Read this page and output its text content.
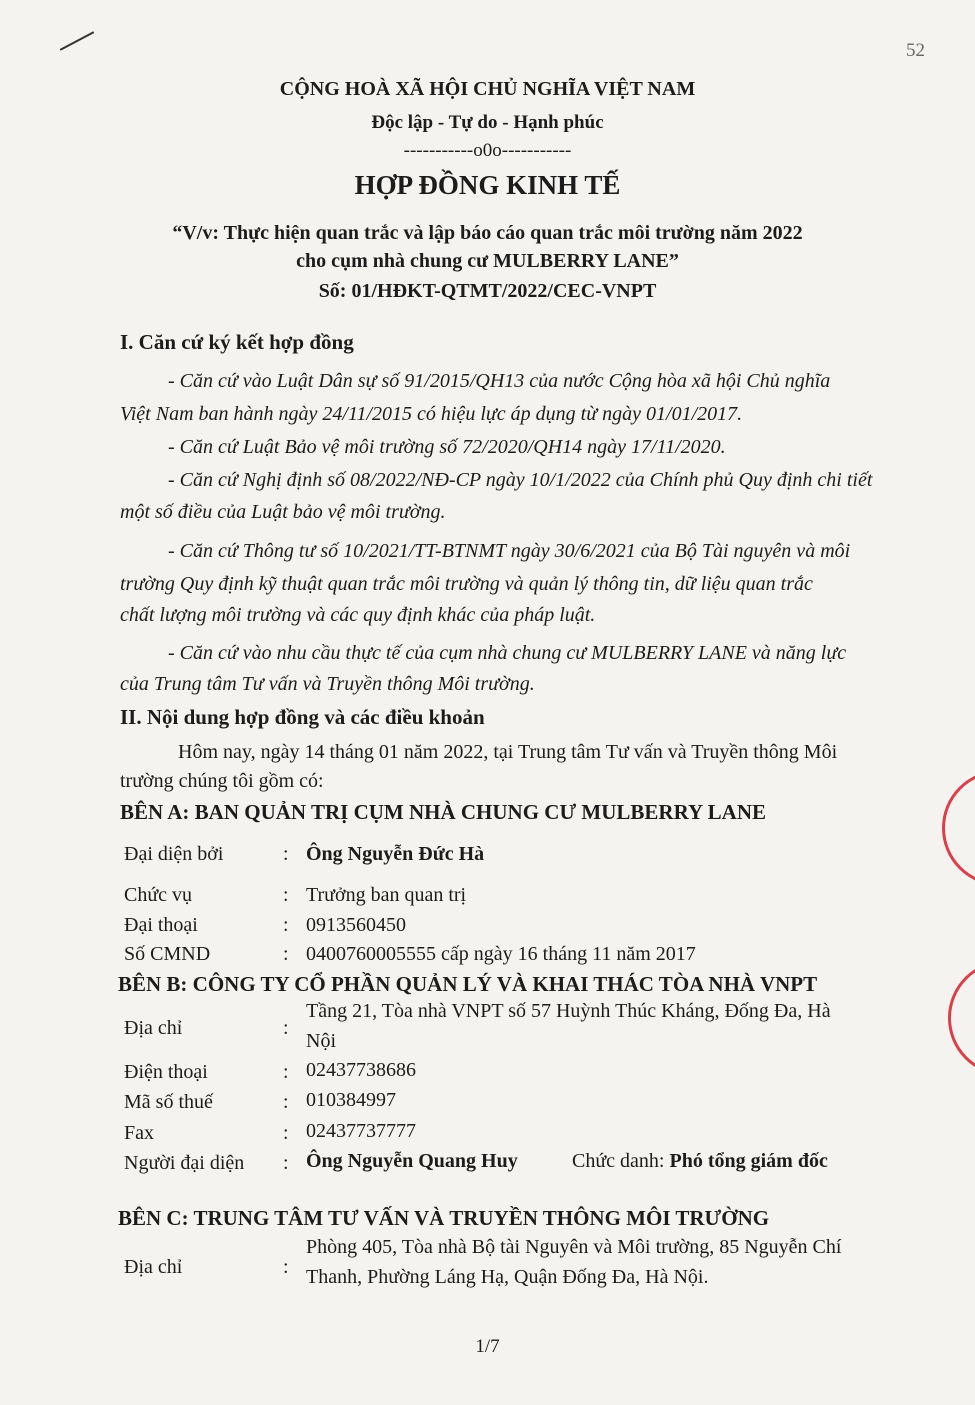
52
CỘNG HOÀ XÃ HỘI CHỦ NGHĨA VIỆT NAM
Độc lập - Tự do - Hạnh phúc
-----------o0o-----------
HỢP ĐỒNG KINH TẾ
“V/v: Thực hiện quan trắc và lập báo cáo quan trắc môi trường năm 2022
cho cụm nhà chung cư MULBERRY LANE”
Số: 01/HĐKT-QTMT/2022/CEC-VNPT
I. Căn cứ ký kết hợp đồng
- Căn cứ vào Luật Dân sự số 91/2015/QH13 của nước Cộng hòa xã hội Chủ nghĩa
Việt Nam ban hành ngày 24/11/2015 có hiệu lực áp dụng từ ngày 01/01/2017.
- Căn cứ Luật Bảo vệ môi trường số 72/2020/QH14 ngày 17/11/2020.
- Căn cứ Nghị định số 08/2022/NĐ-CP ngày 10/1/2022 của Chính phủ Quy định chi tiết
một số điều của Luật bảo vệ môi trường.
- Căn cứ Thông tư số 10/2021/TT-BTNMT ngày 30/6/2021 của Bộ Tài nguyên và môi
trường Quy định kỹ thuật quan trắc môi trường và quản lý thông tin, dữ liệu quan trắc
chất lượng môi trường và các quy định khác của pháp luật.
- Căn cứ vào nhu cầu thực tế của cụm nhà chung cư MULBERRY LANE và năng lực
của Trung tâm Tư vấn và Truyền thông Môi trường.
II. Nội dung hợp đồng và các điều khoản
Hôm nay, ngày 14 tháng 01 năm 2022, tại Trung tâm Tư vấn và Truyền thông Môi
trường chúng tôi gồm có:
BÊN A: BAN QUẢN TRỊ CỤM NHÀ CHUNG CƯ MULBERRY LANE
Đại diện bởi	: Ông Nguyễn Đức Hà
Chức vụ	: Trưởng ban quan trị
Đại thoại	: 0913560450
Số CMND	: 0400760005555 cấp ngày 16 tháng 11 năm 2017
BÊN B: CÔNG TY CỔ PHẦN QUẢN LÝ VÀ KHAI THÁC TÒA NHÀ VNPT
Địa chỉ	:
Tầng 21, Tòa nhà VNPT số 57 Huỳnh Thúc Kháng, Đống Đa, Hà
Nội
Điện thoại	: 02437738686
Mã số thuế	: 010384997
Fax	: 02437737777
Người đại diện : Ông Nguyễn Quang Huy	Chức danh: Phó tổng giám đốc
BÊN C: TRUNG TÂM TƯ VẤN VÀ TRUYỀN THÔNG MÔI TRƯỜNG
Địa chỉ	:
Phòng 405, Tòa nhà Bộ tài Nguyên và Môi trường, 85 Nguyễn Chí
Thanh, Phường Láng Hạ, Quận Đống Đa, Hà Nội.
1/7
